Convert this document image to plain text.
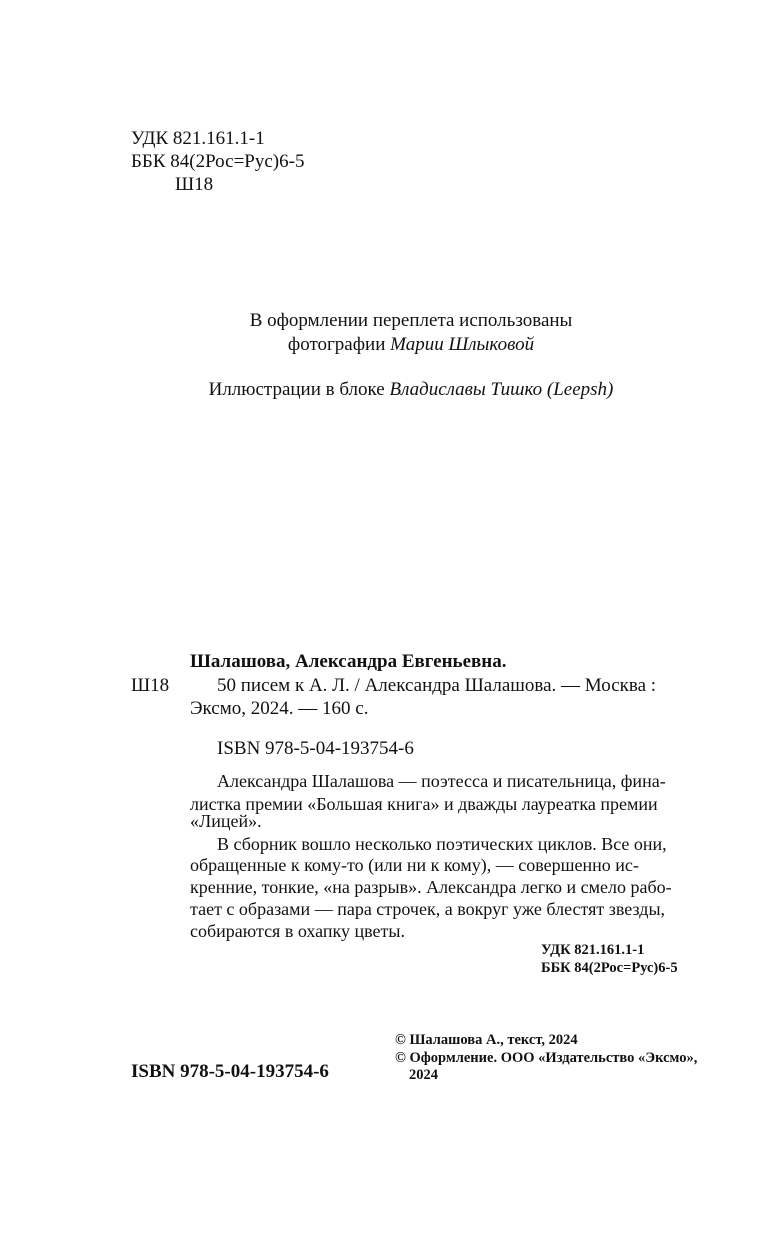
УДК 821.161.1-1
ББК 84(2Рос=Рус)6-5
Ш18
В оформлении переплета использованы
фотографии Марии Шлыковой
Иллюстрации в блоке Владиславы Тишко (Leepsh)
Шалашова, Александра Евгеньевна.
Ш18	50 писем к А. Л. / Александра Шалашова. — Москва :
Эксмо, 2024. — 160 с.
ISBN 978-5-04-193754-6
Александра Шалашова — поэтесса и писательница, фина-
листка премии «Большая книга» и дважды лауреатка премии
«Лицей».
В сборник вошло несколько поэтических циклов. Все они,
обращенные к кому-то (или ни к кому), — совершенно ис-
кренние, тонкие, «на разрыв». Александра легко и смело рабо-
тает с образами — пара строчек, а вокруг уже блестят звезды,
собираются в охапку цветы.
УДК 821.161.1-1
ББК 84(2Рос=Рус)6-5
ISBN 978-5-04-193754-6
© Шалашова А., текст, 2024
© Оформление. ООО «Издательство «Эксмо»,
2024
